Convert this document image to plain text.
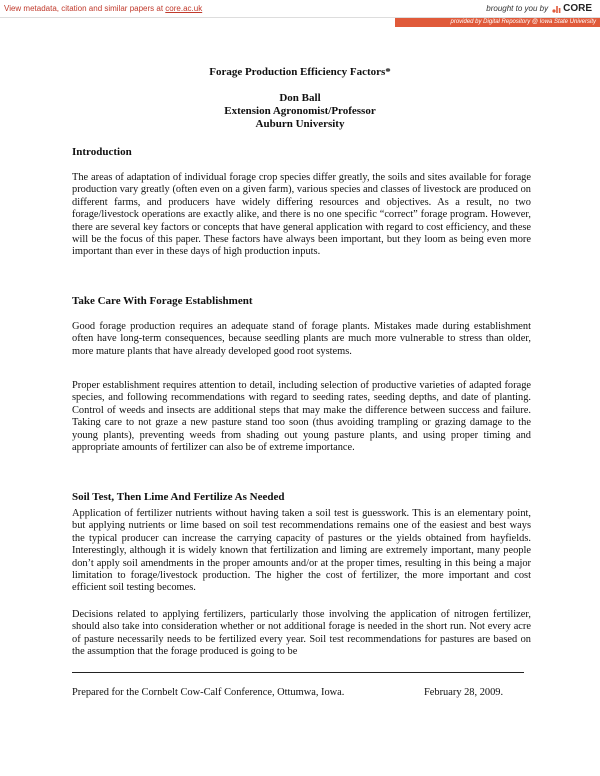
View metadata, citation and similar papers at core.ac.uk	brought to you by CORE
provided by Digital Repository @ Iowa State University
Forage Production Efficiency Factors*
Don Ball
Extension Agronomist/Professor
Auburn University
Introduction

The areas of adaptation of individual forage crop species differ greatly, the soils and sites available for forage production vary greatly (often even on a given farm), various species and classes of livestock are produced on different farms, and producers have widely differing resources and objectives. As a result, no two forage/livestock operations are exactly alike, and there is no one specific “correct” forage program. However, there are several key factors or concepts that have general application with regard to cost efficiency, and these will be the focus of this paper. These factors have always been important, but they loom as being even more important than ever in these days of high production inputs.

Take Care With Forage Establishment

Good forage production requires an adequate stand of forage plants. Mistakes made during establishment often have long-term consequences, because seedling plants are much more vulnerable to stress than older, more mature plants that have already developed good root systems.

Proper establishment requires attention to detail, including selection of productive varieties of adapted forage species, and following recommendations with regard to seeding rates, seeding depths, and date of planting. Control of weeds and insects are additional steps that may make the difference between success and failure. Taking care to not graze a new pasture stand too soon (thus avoiding trampling or grazing damage to the young plants), preventing weeds from shading out young pasture plants, and using proper timing and appropriate amounts of fertilizer can also be of extreme importance.

Soil Test, Then Lime And Fertilize As Needed

Application of fertilizer nutrients without having taken a soil test is guesswork. This is an elementary point, but applying nutrients or lime based on soil test recommendations remains one of the easiest and best ways the typical producer can increase the carrying capacity of pastures or the yields obtained from hayfields. Interestingly, although it is widely known that fertilization and liming are extremely important, many people don’t apply soil amendments in the proper amounts and/or at the proper times, resulting in this being a major limitation to forage/livestock production. The higher the cost of fertilizer, the more important and cost efficient soil testing becomes.

Decisions related to applying fertilizers, particularly those involving the application of nitrogen fertilizer, should also take into consideration whether or not additional forage is needed in the short run. Not every acre of pasture necessarily needs to be fertilized every year. Soil test recommendations for pastures are based on the assumption that the forage produced is going to be

Prepared for the Cornbelt Cow-Calf Conference, Ottumwa, Iowa.	February 28, 2009.
